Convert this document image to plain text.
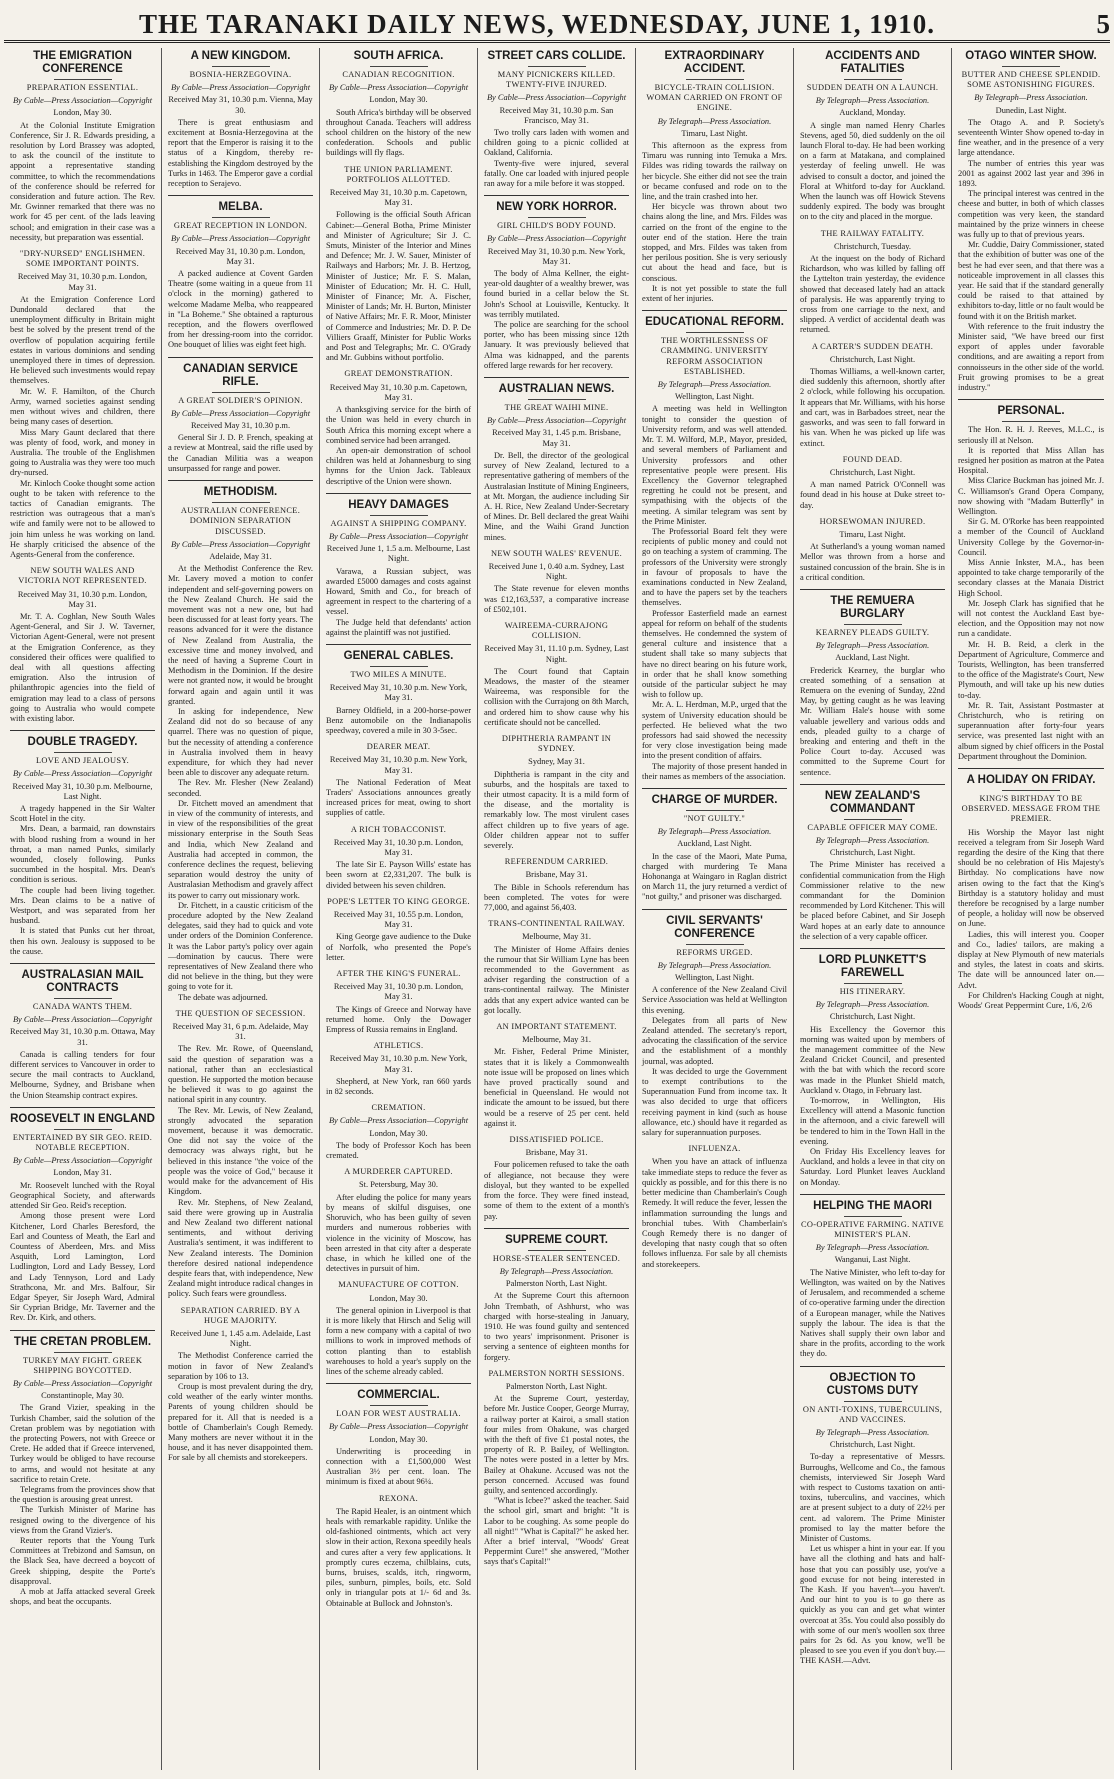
THE TARANAKI DAILY NEWS, WEDNESDAY, JUNE 1, 1910.	5
THE EMIGRATION CONFERENCE
PREPARATION ESSENTIAL.
By Cable—Press Association—Copyright
London, May 30.

At the Colonial Institute Emigration Conference, Sir J. R. Edwards presiding, a resolution by Lord Brassey was adopted, to ask the council of the institute to appoint a representative standing committee, to which the recommendations of the conference should be referred for consideration and future action. The Rev. Mr. Gwinner remarked that there was no work for 45 per cent. of the lads leaving school; and emigration in their case was a necessity, but preparation was essential.

"DRY-NURSED" ENGLISHMEN. SOME IMPORTANT POINTS.
Received May 31, 10.30 p.m. London, May 31.

At the Emigration Conference Lord Dundonald declared that the unemployment difficulty in Britain might best be solved by the present trend of the overflow of population acquiring fertile estates in various dominions and sending unemployed there in times of depression. He believed such investments would repay themselves.

Mr. W. F. Hamilton, of the Church Army, warned societies against sending men without wives and children, there being many cases of desertion.

Miss Mary Gaunt declared that there was plenty of food, work, and money in Australia. The trouble of the Englishmen going to Australia was they were too much dry-nursed.

Mr. Kinloch Cooke thought some action ought to be taken with reference to the tactics of Canadian emigrants. The restriction was outrageous that a man's wife and family were not to be allowed to join him unless he was working on land. He sharply criticised the absence of the Agents-General from the conference.

NEW SOUTH WALES AND VICTORIA NOT REPRESENTED.
Received May 31, 10.30 p.m. London, May 31.

Mr. T. A. Coghlan, New South Wales Agent-General, and Sir J. W. Taverner, Victorian Agent-General, were not present at the Emigration Conference, as they considered their offices were qualified to deal with all questions affecting emigration. Also the intrusion of philanthropic agencies into the field of emigration may lead to a class of persons going to Australia who would compete with existing labor.

DOUBLE TRAGEDY.
LOVE AND JEALOUSY.
By Cable—Press Association—Copyright
Received May 31, 10.30 p.m. Melbourne, Last Night.

A tragedy happened in the Sir Walter Scott Hotel in the city.

Mrs. Dean, a barmaid, ran downstairs with blood rushing from a wound in her throat, a man named Punks, similarly wounded, closely following. Punks succumbed in the hospital. Mrs. Dean's condition is serious.

The couple had been living together. Mrs. Dean claims to be a native of Westport, and was separated from her husband.

It is stated that Punks cut her throat, then his own. Jealousy is supposed to be the cause.

AUSTRALASIAN MAIL CONTRACTS
CANADA WANTS THEM.
By Cable—Press Association—Copyright
Received May 31, 10.30 p.m. Ottawa, May 31.

Canada is calling tenders for four different services to Vancouver in order to secure the mail contracts to Auckland, Melbourne, Sydney, and Brisbane when the Union Steamship contract expires.

ROOSEVELT IN ENGLAND
ENTERTAINED BY SIR GEO. REID. NOTABLE RECEPTION.
By Cable—Press Association—Copyright
London, May 31.

Mr. Roosevelt lunched with the Royal Geographical Society, and afterwards attended Sir Geo. Reid's reception.

Among those present were Lord Kitchener, Lord Charles Beresford, the Earl and Countess of Meath, the Earl and Countess of Aberdeen, Mrs. and Miss Asquith, Lord Lamington, Lord Ludlington, Lord and Lady Bessey, Lord and Lady Tennyson, Lord and Lady Strathcona, Mr. and Mrs. Balfour, Sir Edgar Speyer, Sir Joseph Ward, Admiral Sir Cyprian Bridge, Mr. Taverner and the Rev. Dr. Kirk, and others.

THE CRETAN PROBLEM.
TURKEY MAY FIGHT. GREEK SHIPPING BOYCOTTED.
By Cable—Press Association—Copyright
Constantinople, May 30.

The Grand Vizier, speaking in the Turkish Chamber, said the solution of the Cretan problem was by negotiation with the protecting Powers, not with Greece or Crete. He added that if Greece intervened, Turkey would be obliged to have recourse to arms, and would not hesitate at any sacrifice to retain Crete.

Telegrams from the provinces show that the question is arousing great unrest.

The Turkish Minister of Marine has resigned owing to the divergence of his views from the Grand Vizier's.

Reuter reports that the Young Turk Committees at Trebizond and Samsun, on the Black Sea, have decreed a boycott of Greek shipping, despite the Porte's disapproval.

A mob at Jaffa attacked several Greek shops, and beat the occupants.

A NEW KINGDOM.
BOSNIA-HERZEGOVINA.
By Cable—Press Association—Copyright
Received May 31, 10.30 p.m. Vienna, May 30.

There is great enthusiasm and excitement at Bosnia-Herzegovina at the report that the Emperor is raising it to the status of a Kingdom, thereby re-establishing the Kingdom destroyed by the Turks in 1463. The Emperor gave a cordial reception to Serajevo.

MELBA.
GREAT RECEPTION IN LONDON.
By Cable—Press Association—Copyright
Received May 31, 10.30 p.m. London, May 31.

A packed audience at Covent Garden Theatre (some waiting in a queue from 11 o'clock in the morning) gathered to welcome Madame Melba, who reappeared in "La Boheme." She obtained a rapturous reception, and the flowers overflowed from her dressing-room into the corridor. One bouquet of lilies was eight feet high.

CANADIAN SERVICE RIFLE.
A GREAT SOLDIER'S OPINION.
By Cable—Press Association—Copyright
Received May 31, 10.30 p.m.

General Sir J. D. P. French, speaking at a review at Montreal, said the rifle used by the Canadian Militia was a weapon unsurpassed for range and power.

METHODISM.
AUSTRALIAN CONFERENCE. DOMINION SEPARATION DISCUSSED.
By Cable—Press Association—Copyright
Adelaide, May 31.

At the Methodist Conference the Rev. Mr. Lavery moved a motion to confer independent and self-governing powers on the New Zealand Church. He said the movement was not a new one, but had been discussed for at least forty years. The reasons advanced for it were the distance of New Zealand from Australia, the excessive time and money involved, and the need of having a Supreme Court in Methodism in the Dominion. If the desire were not granted now, it would be brought forward again and again until it was granted.

In asking for independence, New Zealand did not do so because of any quarrel. There was no question of pique, but the necessity of attending a conference in Australia involved them in heavy expenditure, for which they had never been able to discover any adequate return.

The Rev. Mr. Flesher (New Zealand) seconded.

Dr. Fitchett moved an amendment that in view of the community of interests, and in view of the responsibilities of the great missionary enterprise in the South Seas and India, which New Zealand and Australia had accepted in common, the conference declines the request, believing separation would destroy the unity of Australasian Methodism and gravely affect its power to carry out missionary work.

Dr. Fitchett, in a caustic criticism of the procedure adopted by the New Zealand delegates, said they had to quick and vote under orders of the Dominion Conference. It was the Labor party's policy over again—domination by caucus. There were representatives of New Zealand there who did not believe in the thing, but they were going to vote for it.

The debate was adjourned.

THE QUESTION OF SECESSION.
Received May 31, 6 p.m. Adelaide, May 31.

The Rev. Mr. Rowe, of Queensland, said the question of separation was a national, rather than an ecclesiastical question. He supported the motion because he believed it was to go against the national spirit in any country.

The Rev. Mr. Lewis, of New Zealand, strongly advocated the separation movement, because it was democratic. One did not say the voice of the democracy was always right, but he believed in this instance "the voice of the people was the voice of God," because it would make for the advancement of His Kingdom.

Rev. Mr. Stephens, of New Zealand, said there were growing up in Australia and New Zealand two different national sentiments, and without deriving Australia's sentiment, it was indifferent to New Zealand interests. The Dominion therefore desired national independence despite fears that, with independence, New Zealand might introduce radical changes in policy. Such fears were groundless.

SEPARATION CARRIED. BY A HUGE MAJORITY.
Received June 1, 1.45 a.m. Adelaide, Last Night.

The Methodist Conference carried the motion in favor of New Zealand's separation by 106 to 13.

Croup is most prevalent during the dry, cold weather of the early winter months. Parents of young children should be prepared for it. All that is needed is a bottle of Chamberlain's Cough Remedy. Many mothers are never without it in the house, and it has never disappointed them. For sale by all chemists and storekeepers.

SOUTH AFRICA.
CANADIAN RECOGNITION.
By Cable—Press Association—Copyright
London, May 30.

South Africa's birthday will be observed throughout Canada. Teachers will address school children on the history of the new confederation. Schools and public buildings will fly flags.

THE UNION PARLIAMENT. PORTFOLIOS ALLOTTED.
Received May 31, 10.30 p.m. Capetown, May 31.

Following is the official South African Cabinet:—General Botha, Prime Minister and Minister of Agriculture; Sir J. C. Smuts, Minister of the Interior and Mines and Defence; Mr. J. W. Sauer, Minister of Railways and Harbors; Mr. J. B. Hertzog, Minister of Justice; Mr. F. S. Malan, Minister of Education; Mr. H. C. Hull, Minister of Finance; Mr. A. Fischer, Minister of Lands; Mr. H. Burton, Minister of Native Affairs; Mr. F. R. Moor, Minister of Commerce and Industries; Mr. D. P. De Villiers Graaff, Minister for Public Works and Post and Telegraphs; Mr. C. O'Grady and Mr. Gubbins without portfolio.

GREAT DEMONSTRATION.
Received May 31, 10.30 p.m. Capetown, May 31.

A thanksgiving service for the birth of the Union was held in every church in South Africa this morning except where a combined service had been arranged.

An open-air demonstration of school children was held at Johannesburg to sing hymns for the Union Jack. Tableaux descriptive of the Union were shown.

HEAVY DAMAGES
AGAINST A SHIPPING COMPANY.
By Cable—Press Association—Copyright
Received June 1, 1.5 a.m. Melbourne, Last Night.

Varawa, a Russian subject, was awarded £5000 damages and costs against Howard, Smith and Co., for breach of agreement in respect to the chartering of a vessel.

The Judge held that defendants' action against the plaintiff was not justified.

GENERAL CABLES.
TWO MILES A MINUTE.
Received May 31, 10.30 p.m. New York, May 31.

Barney Oldfield, in a 200-horse-power Benz automobile on the Indianapolis speedway, covered a mile in 30 3-5sec.

DEARER MEAT.
Received May 31, 10.30 p.m. New York, May 31.

The National Federation of Meat Traders' Associations announces greatly increased prices for meat, owing to short supplies of cattle.

A RICH TOBACCONIST.
Received May 31, 10.30 p.m. London, May 31.

The late Sir E. Payson Wills' estate has been sworn at £2,331,207. The bulk is divided between his seven children.

POPE'S LETTER TO KING GEORGE.
Received May 31, 10.55 p.m. London, May 31.

King George gave audience to the Duke of Norfolk, who presented the Pope's letter.

AFTER THE KING'S FUNERAL.
Received May 31, 10.30 p.m. London, May 31.

The Kings of Greece and Norway have returned home. Only the Dowager Empress of Russia remains in England.

ATHLETICS.
Received May 31, 10.30 p.m. New York, May 31.

Shepherd, at New York, ran 660 yards in 82 seconds.

CREMATION.
By Cable—Press Association—Copyright
London, May 30.

The body of Professor Koch has been cremated.

A MURDERER CAPTURED.
St. Petersburg, May 30.

After eluding the police for many years by means of skilful disguises, one Shoruvich, who has been guilty of seven murders and numerous robberies with violence in the vicinity of Moscow, has been arrested in that city after a desperate chase, in which he killed one of the detectives in pursuit of him.

MANUFACTURE OF COTTON.
London, May 30.

The general opinion in Liverpool is that it is more likely that Hirsch and Selig will form a new company with a capital of two millions to work in improved methods of cotton planting than to establish warehouses to hold a year's supply on the lines of the scheme already cabled.

COMMERCIAL.
LOAN FOR WEST AUSTRALIA.
By Cable—Press Association—Copyright
London, May 30.

Underwriting is proceeding in connection with a £1,500,000 West Australian 3½ per cent. loan. The minimum is fixed at about 96¼.

REXONA.

The Rapid Healer, is an ointment which heals with remarkable rapidity. Unlike the old-fashioned ointments, which act very slow in their action, Rexona speedily heals and cures after a very few applications. It promptly cures eczema, chilblains, cuts, burns, bruises, scalds, itch, ringworm, piles, sunburn, pimples, boils, etc. Sold only in triangular pots at 1/- 6d and 3s. Obtainable at Bullock and Johnston's.

STREET CARS COLLIDE.
MANY PICNICKERS KILLED. TWENTY-FIVE INJURED.
By Cable—Press Association—Copyright
Received May 31, 10.30 p.m. San Francisco, May 31.

Two trolly cars laden with women and children going to a picnic collided at Oakland, California.

Twenty-five were injured, several fatally. One car loaded with injured people ran away for a mile before it was stopped.

NEW YORK HORROR.
GIRL CHILD'S BODY FOUND.
By Cable—Press Association—Copyright
Received May 31, 10.30 p.m. New York, May 31.

The body of Alma Kellner, the eight-year-old daughter of a wealthy brewer, was found buried in a cellar below the St. John's School at Louisville, Kentucky. It was terribly mutilated.

The police are searching for the school porter, who has been missing since 12th January. It was previously believed that Alma was kidnapped, and the parents offered large rewards for her recovery.

AUSTRALIAN NEWS.
THE GREAT WAIHI MINE.
By Cable—Press Association—Copyright
Received May 31, 1.45 p.m. Brisbane, May 31.

Dr. Bell, the director of the geological survey of New Zealand, lectured to a representative gathering of members of the Australasian Institute of Mining Engineers, at Mt. Morgan, the audience including Sir A. H. Rice, New Zealand Under-Secretary of Mines. Dr. Bell declared the great Waihi Mine, and the Waihi Grand Junction mines.

NEW SOUTH WALES' REVENUE.
Received June 1, 0.40 a.m. Sydney, Last Night.

The State revenue for eleven months was £12,163,537, a comparative increase of £502,101.

WAIREEMA-CURRAJONG COLLISION.
Received May 31, 11.10 p.m. Sydney, Last Night.

The Court found that Captain Meadows, the master of the steamer Waireema, was responsible for the collision with the Currajong on 8th March, and ordered him to show cause why his certificate should not be cancelled.

DIPHTHERIA RAMPANT IN SYDNEY.
Sydney, May 31.

Diphtheria is rampant in the city and suburbs, and the hospitals are taxed to their utmost capacity. It is a mild form of the disease, and the mortality is remarkably low. The most virulent cases affect children up to five years of age. Older children appear not to suffer severely.

REFERENDUM CARRIED.
Brisbane, May 31.

The Bible in Schools referendum has been completed. The votes for were 77,000, and against 56,403.

TRANS-CONTINENTAL RAILWAY.
Melbourne, May 31.

The Minister of Home Affairs denies the rumour that Sir William Lyne has been recommended to the Government as adviser regarding the construction of a trans-continental railway. The Minister adds that any expert advice wanted can be got locally.

AN IMPORTANT STATEMENT.
Melbourne, May 31.

Mr. Fisher, Federal Prime Minister, states that it is likely a Commonwealth note issue will be proposed on lines which have proved practically sound and beneficial in Queensland. He would not indicate the amount to be issued, but there would be a reserve of 25 per cent. held against it.

DISSATISFIED POLICE.
Brisbane, May 31.

Four policemen refused to take the oath of allegiance, not because they were disloyal, but they wanted to be expelled from the force. They were fined instead, some of them to the extent of a month's pay.

SUPREME COURT.
HORSE-STEALER SENTENCED.
By Telegraph—Press Association.
Palmerston North, Last Night.

At the Supreme Court this afternoon John Trembath, of Ashhurst, who was charged with horse-stealing in January, 1910. He was found guilty and sentenced to two years' imprisonment. Prisoner is serving a sentence of eighteen months for forgery.

PALMERSTON NORTH SESSIONS.
Palmerston North, Last Night.

At the Supreme Court, yesterday, before Mr. Justice Cooper, George Murray, a railway porter at Kairoi, a small station four miles from Ohakune, was charged with the theft of five £1 postal notes, the property of R. P. Bailey, of Wellington. The notes were posted in a letter by Mrs. Bailey at Ohakune. Accused was not the person concerned. Accused was found guilty, and sentenced accordingly.

"What is Icbee?" asked the teacher. Said the school girl, smart and bright: "It is Labor to be coughing. As some people do all night!" "What is Capital?" he asked her. After a brief interval, "Woods' Great Peppermint Cure!" she answered, "Mother says that's Capital!"

EXTRAORDINARY ACCIDENT.
BICYCLE-TRAIN COLLISION. WOMAN CARRIED ON FRONT OF ENGINE.
By Telegraph—Press Association.
Timaru, Last Night.

This afternoon as the express from Timaru was running into Temuka a Mrs. Fildes was riding towards the railway on her bicycle. She either did not see the train or became confused and rode on to the line, and the train crashed into her.

Her bicycle was thrown about two chains along the line, and Mrs. Fildes was carried on the front of the engine to the outer end of the station. Here the train stopped, and Mrs. Fildes was taken from her perilous position. She is very seriously cut about the head and face, but is conscious.

It is not yet possible to state the full extent of her injuries.

EDUCATIONAL REFORM.
THE WORTHLESSNESS OF CRAMMING. UNIVERSITY REFORM ASSOCIATION ESTABLISHED.
By Telegraph—Press Association.
Wellington, Last Night.

A meeting was held in Wellington tonight to consider the question of University reform, and was well attended. Mr. T. M. Wilford, M.P., Mayor, presided, and several members of Parliament and University professors and other representative people were present. His Excellency the Governor telegraphed regretting he could not be present, and sympathising with the objects of the meeting. A similar telegram was sent by the Prime Minister.

The Professorial Board felt they were recipients of public money and could not go on teaching a system of cramming. The professors of the University were strongly in favour of proposals to have the examinations conducted in New Zealand, and to have the papers set by the teachers themselves.

Professor Easterfield made an earnest appeal for reform on behalf of the students themselves. He condemned the system of general culture and insistence that a student shall take so many subjects that have no direct bearing on his future work, in order that he shall know something outside of the particular subject he may wish to follow up.

Mr. A. L. Herdman, M.P., urged that the system of University education should be perfected. He believed what the two professors had said showed the necessity for very close investigation being made into the present condition of affairs.

The majority of those present handed in their names as members of the association.

CHARGE OF MURDER.
"NOT GUILTY."
By Telegraph—Press Association.
Auckland, Last Night.

In the case of the Maori, Mate Puma, charged with murdering Te Mana Hohonanga at Waingaro in Raglan district on March 11, the jury returned a verdict of "not guilty," and prisoner was discharged.

CIVIL SERVANTS' CONFERENCE
REFORMS URGED.
By Telegraph—Press Association.
Wellington, Last Night.

A conference of the New Zealand Civil Service Association was held at Wellington this evening.

Delegates from all parts of New Zealand attended. The secretary's report, advocating the classification of the service and the establishment of a monthly journal, was adopted.

It was decided to urge the Government to exempt contributions to the Superannuation Fund from income tax. It was also decided to urge that officers receiving payment in kind (such as house allowance, etc.) should have it regarded as salary for superannuation purposes.

INFLUENZA.

When you have an attack of influenza take immediate steps to reduce the fever as quickly as possible, and for this there is no better medicine than Chamberlain's Cough Remedy. It will reduce the fever, lessen the inflammation surrounding the lungs and bronchial tubes. With Chamberlain's Cough Remedy there is no danger of developing that nasty cough that so often follows influenza. For sale by all chemists and storekeepers.

ACCIDENTS AND FATALITIES
SUDDEN DEATH ON A LAUNCH.
By Telegraph—Press Association.
Auckland, Monday.

A single man named Henry Charles Stevens, aged 50, died suddenly on the oil launch Floral to-day. He had been working on a farm at Matakana, and complained yesterday of feeling unwell. He was advised to consult a doctor, and joined the Floral at Whitford to-day for Auckland. When the launch was off Howick Stevens suddenly expired. The body was brought on to the city and placed in the morgue.

THE RAILWAY FATALITY.
Christchurch, Tuesday.

At the inquest on the body of Richard Richardson, who was killed by falling off the Lyttelton train yesterday, the evidence showed that deceased lately had an attack of paralysis. He was apparently trying to cross from one carriage to the next, and slipped. A verdict of accidental death was returned.

A CARTER'S SUDDEN DEATH.
Christchurch, Last Night.

Thomas Williams, a well-known carter, died suddenly this afternoon, shortly after 2 o'clock, while following his occupation. It appears that Mr. Williams, with his horse and cart, was in Barbadoes street, near the gasworks, and was seen to fall forward in his van. When he was picked up life was extinct.

FOUND DEAD.
Christchurch, Last Night.

A man named Patrick O'Connell was found dead in his house at Duke street to-day.

HORSEWOMAN INJURED.
Timaru, Last Night.

At Sutherland's a young woman named Mellor was thrown from a horse and sustained concussion of the brain. She is in a critical condition.

THE REMUERA BURGLARY
KEARNEY PLEADS GUILTY.
By Telegraph—Press Association.
Auckland, Last Night.

Frederick Kearney, the burglar who created something of a sensation at Remuera on the evening of Sunday, 22nd May, by getting caught as he was leaving Mr. William Hale's house with some valuable jewellery and various odds and ends, pleaded guilty to a charge of breaking and entering and theft in the Police Court to-day. Accused was committed to the Supreme Court for sentence.

NEW ZEALAND'S COMMANDANT
CAPABLE OFFICER MAY COME.
By Telegraph—Press Association.
Christchurch, Last Night.

The Prime Minister has received a confidential communication from the High Commissioner relative to the new commandant for the Dominion recommended by Lord Kitchener. This will be placed before Cabinet, and Sir Joseph Ward hopes at an early date to announce the selection of a very capable officer.

LORD PLUNKETT'S FAREWELL
HIS ITINERARY.
By Telegraph—Press Association.
Christchurch, Last Night.

His Excellency the Governor this morning was waited upon by members of the management committee of the New Zealand Cricket Council, and presented with the bat with which the record score was made in the Plunket Shield match, Auckland v. Otago, in February last.

To-morrow, in Wellington, His Excellency will attend a Masonic function in the afternoon, and a civic farewell will be tendered to him in the Town Hall in the evening.

On Friday His Excellency leaves for Auckland, and holds a levee in that city on Saturday. Lord Plunket leaves Auckland on Monday.

HELPING THE MAORI
CO-OPERATIVE FARMING. NATIVE MINISTER'S PLAN.
By Telegraph—Press Association.
Wanganui, Last Night.

The Native Minister, who left to-day for Wellington, was waited on by the Natives of Jerusalem, and recommended a scheme of co-operative farming under the direction of a European manager, while the Natives supply the labour. The idea is that the Natives shall supply their own labor and share in the profits, according to the work they do.

OBJECTION TO CUSTOMS DUTY
ON ANTI-TOXINS, TUBERCULINS, AND VACCINES.
By Telegraph—Press Association.
Christchurch, Last Night.

To-day a representative of Messrs. Burroughs, Wellcome and Co., the famous chemists, interviewed Sir Joseph Ward with respect to Customs taxation on anti-toxins, tuberculins, and vaccines, which are at present subject to a duty of 22½ per cent. ad valorem. The Prime Minister promised to lay the matter before the Minister of Customs.

Let us whisper a hint in your ear. If you have all the clothing and hats and half-hose that you can possibly use, you've a good excuse for not being interested in The Kash. If you haven't—you haven't. And our hint to you is to go there as quickly as you can and get what winter overcoat at 35s. You could also possibly do with some of our men's woollen sox three pairs for 2s 6d. As you know, we'll be pleased to see you even if you don't buy.—THE KASH.—Advt.

OTAGO WINTER SHOW.
BUTTER AND CHEESE SPLENDID. SOME ASTONISHING FIGURES.
By Telegraph—Press Association.
Dunedin, Last Night.

The Otago A. and P. Society's seventeenth Winter Show opened to-day in fine weather, and in the presence of a very large attendance.

The number of entries this year was 2001 as against 2002 last year and 396 in 1893.

The principal interest was centred in the cheese and butter, in both of which classes competition was very keen, the standard maintained by the prize winners in cheese was fully up to that of previous years.

Mr. Cuddie, Dairy Commissioner, stated that the exhibition of butter was one of the best he had ever seen, and that there was a noticeable improvement in all classes this year. He said that if the standard generally could be raised to that attained by exhibitors to-day, little or no fault would be found with it on the British market.

With reference to the fruit industry the Minister said, "We have breed our first export of apples under favorable conditions, and are awaiting a report from connoisseurs in the other side of the world. Fruit growing promises to be a great industry."

PERSONAL.

The Hon. R. H. J. Reeves, M.L.C., is seriously ill at Nelson.

It is reported that Miss Allan has resigned her position as matron at the Patea Hospital.

Miss Clarice Buckman has joined Mr. J. C. Williamson's Grand Opera Company, now showing with "Madam Butterfly" in Wellington.

Sir G. M. O'Rorke has been reappointed a member of the Council of Auckland University College by the Governor-in-Council.

Miss Annie Inkster, M.A., has been appointed to take charge temporarily of the secondary classes at the Manaia District High School.

Mr. Joseph Clark has signified that he will not contest the Auckland East bye-election, and the Opposition may not now run a candidate.

Mr. H. B. Reid, a clerk in the Department of Agriculture, Commerce and Tourists, Wellington, has been transferred to the office of the Magistrate's Court, New Plymouth, and will take up his new duties to-day.

Mr. R. Tait, Assistant Postmaster at Christchurch, who is retiring on superannuation after forty-four years service, was presented last night with an album signed by chief officers in the Postal Department throughout the Dominion.

A HOLIDAY ON FRIDAY.
KING'S BIRTHDAY TO BE OBSERVED. MESSAGE FROM THE PREMIER.

His Worship the Mayor last night received a telegram from Sir Joseph Ward regarding the desire of the King that there should be no celebration of His Majesty's Birthday. No complications have now arisen owing to the fact that the King's Birthday is a statutory holiday and must therefore be recognised by a large number of people, a holiday will now be observed on June.

Ladies, this will interest you. Cooper and Co., ladies' tailors, are making a display at New Plymouth of new materials and styles, the latest in coats and skirts. The date will be announced later on.—Advt.

For Children's Hacking Cough at night, Woods' Great Peppermint Cure, 1/6, 2/6
